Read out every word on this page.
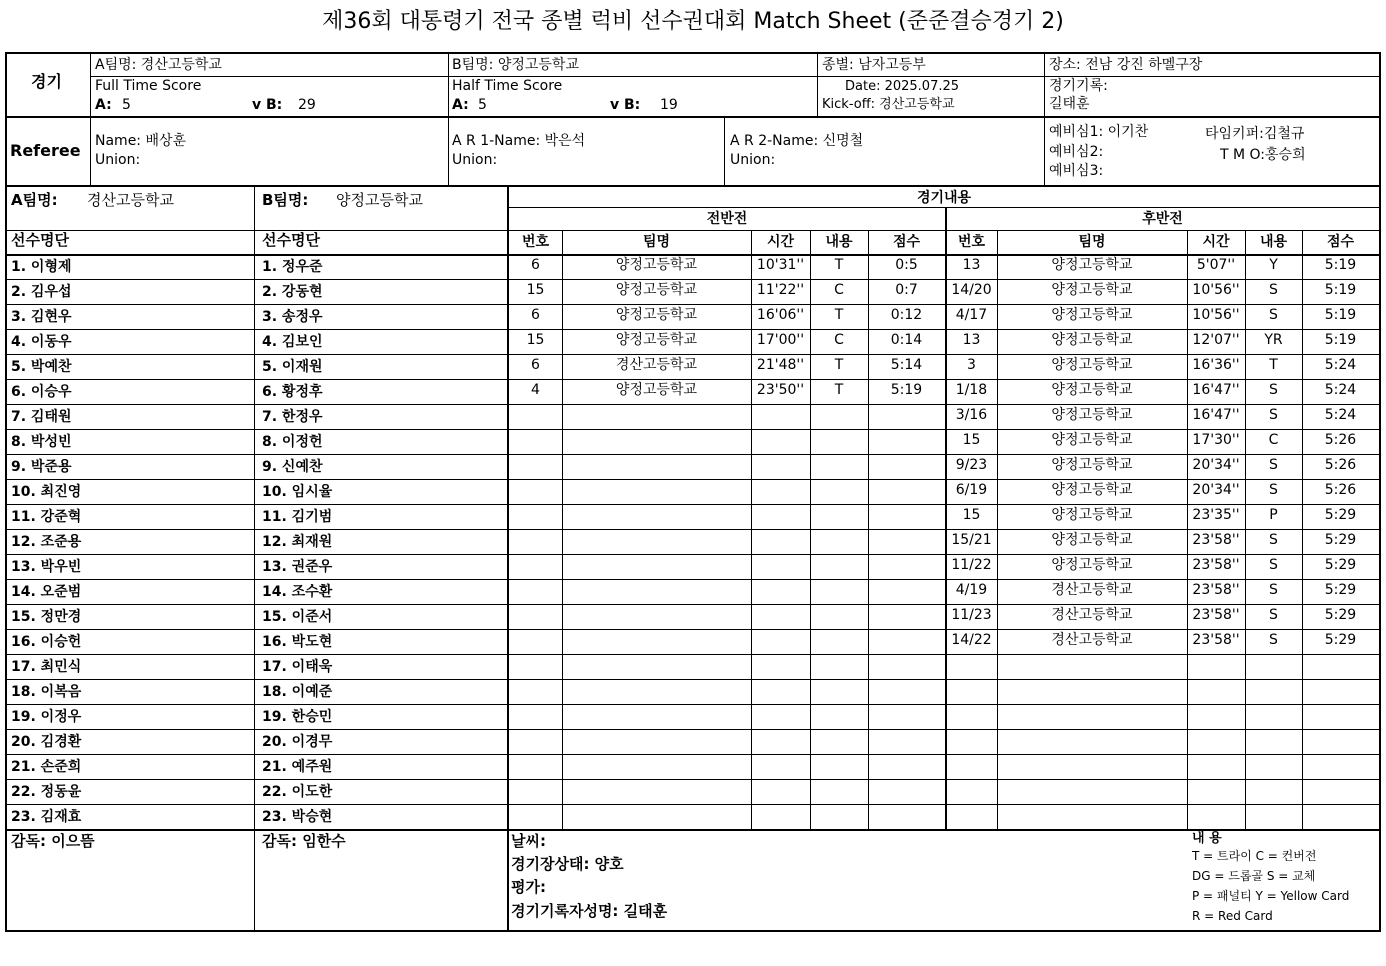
제36회 대통령기 전국 종별 럭비 선수권대회 Match Sheet (준준결승경기 2)
경기
A팀명: 경산고등학교	B팀명: 양정고등학교	종별: 남자고등부	장소: 전남 강진 하멜구장
Full Time Score
A: 5	v B: 29
Half Time Score
A: 5	v B: 19
Date: 2025.07.25
Kick-off: 경산고등학교
경기기록:
길태훈
Referee Name: 배상훈
Union:
A R 1-Name: 박은석
Union:
A R 2-Name: 신명철
Union:
예비심1: 이기찬
예비심2:
예비심3:
타임키퍼:김철규
T M O:홍승희
A팀명: 경산고등학교	B팀명: 양정고등학교
선수명단	선수명단
경기내용
전반전	후반전
감독: 이으뜸	감독: 임한수	날씨:
경기장상태: 양호
평가:
경기기록자성명: 길태훈
내 용
T = 트라이 C = 컨버전
DG = 드롭골 S = 교체
P = 패널티 Y = Yellow Card
R = Red Card
번호	번호
팀명	팀명
시간	시간
내용	내용
점수	점수
1. 이형제
2. 김우섭
3. 김현우
4. 이동우
5. 박예찬
6. 이승우
7. 김태원
8. 박성빈
9. 박준용
10. 최진영
11. 강준혁
12. 조준용
13. 박우빈
14. 오준범
15. 정만경
16. 이승헌
17. 최민식
18. 이복음
19. 이정우
20. 김경환
21. 손준희
22. 정동윤
23. 김재효
1. 정우준
2. 강동현
3. 송정우
4. 김보인
5. 이재원
6. 황정후
7. 한정우
8. 이정헌
9. 신예찬
10. 임시율
11. 김기범
12. 최재원
13. 권준우
14. 조수환
15. 이준서
16. 박도현
17. 이태욱
18. 이예준
19. 한승민
20. 이경무
21. 예주원
22. 이도한
23. 박승현
6	양정고등학교	10'31''	T	0:5
15	양정고등학교	11'22''	C	0:7
6	양정고등학교	16'06''	T	0:12
15	양정고등학교	17'00''	C	0:14
6	경산고등학교	21'48''	T	5:14
4	양정고등학교	23'50''	T	5:19
13	양정고등학교	5'07''	Y	5:19
14/20	양정고등학교	10'56''	S	5:19
4/17	양정고등학교	10'56''	S	5:19
13	양정고등학교	12'07''	YR	5:19
3	양정고등학교	16'36''	T	5:24
1/18	양정고등학교	16'47''	S	5:24
3/16	양정고등학교	16'47''	S	5:24
15	양정고등학교	17'30''	C	5:26
9/23	양정고등학교	20'34''	S	5:26
6/19	양정고등학교	20'34''	S	5:26
15	양정고등학교	23'35''	P	5:29
15/21	양정고등학교	23'58''	S	5:29
11/22	양정고등학교	23'58''	S	5:29
4/19	경산고등학교	23'58''	S	5:29
11/23	경산고등학교	23'58''	S	5:29
14/22	경산고등학교	23'58''	S	5:29
